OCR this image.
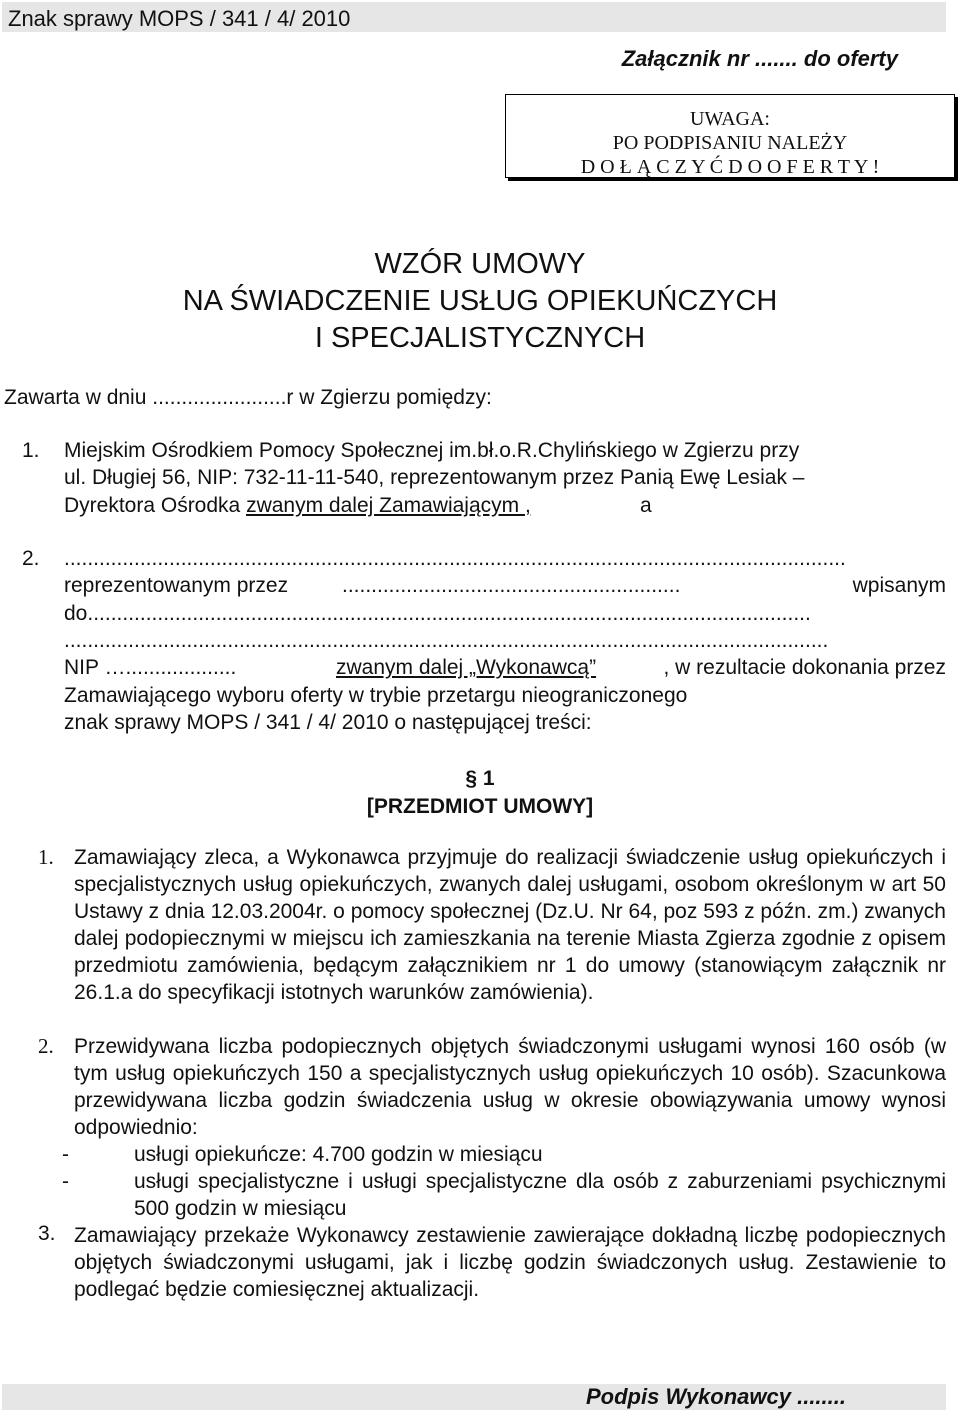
Znak sprawy MOPS / 341 / 4/ 2010
Załącznik nr ....... do oferty
UWAGA:
PO PODPISANIU NALEŻY
D O Ł Ą C Z Y Ć D O O F E R T Y !
WZÓR UMOWY
NA ŚWIADCZENIE USŁUG OPIEKUŃCZYCH
I SPECJALISTYCZNYCH
Zawarta w dniu .......................r w Zgierzu pomiędzy:
1. Miejskim Ośrodkiem Pomocy Społecznej im.bł.o.R.Chylińskiego w Zgierzu przy
ul. Długiej 56, NIP: 732-11-11-540, reprezentowanym przez Panią Ewę Lesiak –
Dyrektora Ośrodka zwanym dalej Zamawiającym ,	a
2. ......................................................................................................................................
reprezentowanym przez	..........................................................	wpisanym
do............................................................................................................................
...................................................................................................................................
NIP …...................	zwanym dalej „Wykonawcą”	, w rezultacie dokonania przez
Zamawiającego wyboru oferty w trybie przetargu nieograniczonego
znak sprawy MOPS / 341 / 4/ 2010 o następującej treści:
§ 1
[PRZEDMIOT UMOWY]
1. Zamawiający zleca, a Wykonawca przyjmuje do realizacji świadczenie usług opiekuńczych i specjalistycznych usług opiekuńczych, zwanych dalej usługami, osobom określonym w art 50 Ustawy z dnia 12.03.2004r. o pomocy społecznej (Dz.U. Nr 64, poz 593 z późn. zm.) zwanych dalej podopiecznymi w miejscu ich zamieszkania na terenie Miasta Zgierza zgodnie z opisem przedmiotu zamówienia, będącym załącznikiem nr 1 do umowy (stanowiącym załącznik nr 26.1.a do specyfikacji istotnych warunków zamówienia).
2. Przewidywana liczba podopiecznych objętych świadczonymi usługami wynosi 160 osób (w tym usług opiekuńczych 150 a specjalistycznych usług opiekuńczych 10 osób). Szacunkowa przewidywana liczba godzin świadczenia usług w okresie obowiązywania umowy wynosi odpowiednio:
-	usługi opiekuńcze: 4.700 godzin w miesiącu
-	usługi specjalistyczne i usługi specjalistyczne dla osób z zaburzeniami psychicznymi 500 godzin w miesiącu
3. Zamawiający przekaże Wykonawcy zestawienie zawierające dokładną liczbę podopiecznych objętych świadczonymi usługami, jak i liczbę godzin świadczonych usług. Zestawienie to podlegać będzie comiesięcznej aktualizacji.
Podpis Wykonawcy ........
